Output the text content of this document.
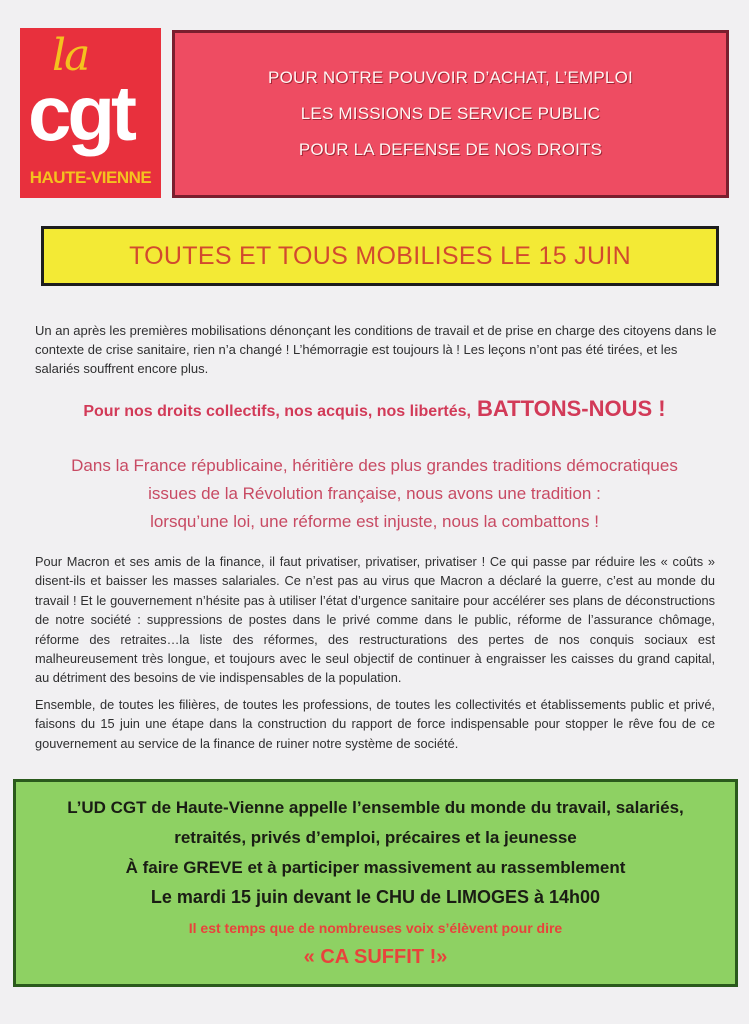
la
cgt
HAUTE-VIENNE
POUR NOTRE POUVOIR D’ACHAT, L’EMPLOI
LES MISSIONS DE SERVICE PUBLIC
POUR LA DEFENSE DE NOS DROITS
TOUTES ET TOUS MOBILISES LE 15 JUIN
Un an après les premières mobilisations dénonçant les conditions de travail et de prise en charge des citoyens dans le contexte de crise sanitaire, rien n’a changé ! L’hémorragie est toujours là ! Les leçons n’ont pas été tirées, et les salariés souffrent encore plus.
Pour nos droits collectifs, nos acquis, nos libertés, BATTONS-NOUS !
Dans la France républicaine, héritière des plus grandes traditions démocratiques
issues de la Révolution française, nous avons une tradition :
lorsqu’une loi, une réforme est injuste, nous la combattons !
Pour Macron et ses amis de la finance, il faut privatiser, privatiser, privatiser ! Ce qui passe par réduire les « coûts » disent-ils et baisser les masses salariales. Ce n’est pas au virus que Macron a déclaré la guerre, c’est au monde du travail ! Et le gouvernement n’hésite pas à utiliser l’état d’urgence sanitaire pour accélérer ses plans de déconstructions de notre société : suppressions de postes dans le privé comme dans le public, réforme de l’assurance chômage, réforme des retraites…la liste des réformes, des restructurations des pertes de nos conquis sociaux est malheureusement très longue, et toujours avec le seul objectif de continuer à engraisser les caisses du grand capital, au détriment des besoins de vie indispensables de la population.
Ensemble, de toutes les filières, de toutes les professions, de toutes les collectivités et établissements public et privé, faisons du 15 juin une étape dans la construction du rapport de force indispensable pour stopper le rêve fou de ce gouvernement au service de la finance de ruiner notre système de société.
L’UD CGT de Haute-Vienne appelle l’ensemble du monde du travail, salariés,
retraités, privés d’emploi, précaires et la jeunesse
À faire GREVE et à participer massivement au rassemblement
Le mardi 15 juin devant le CHU de LIMOGES à 14h00
Il est temps que de nombreuses voix s’élèvent pour dire
« CA SUFFIT !»
